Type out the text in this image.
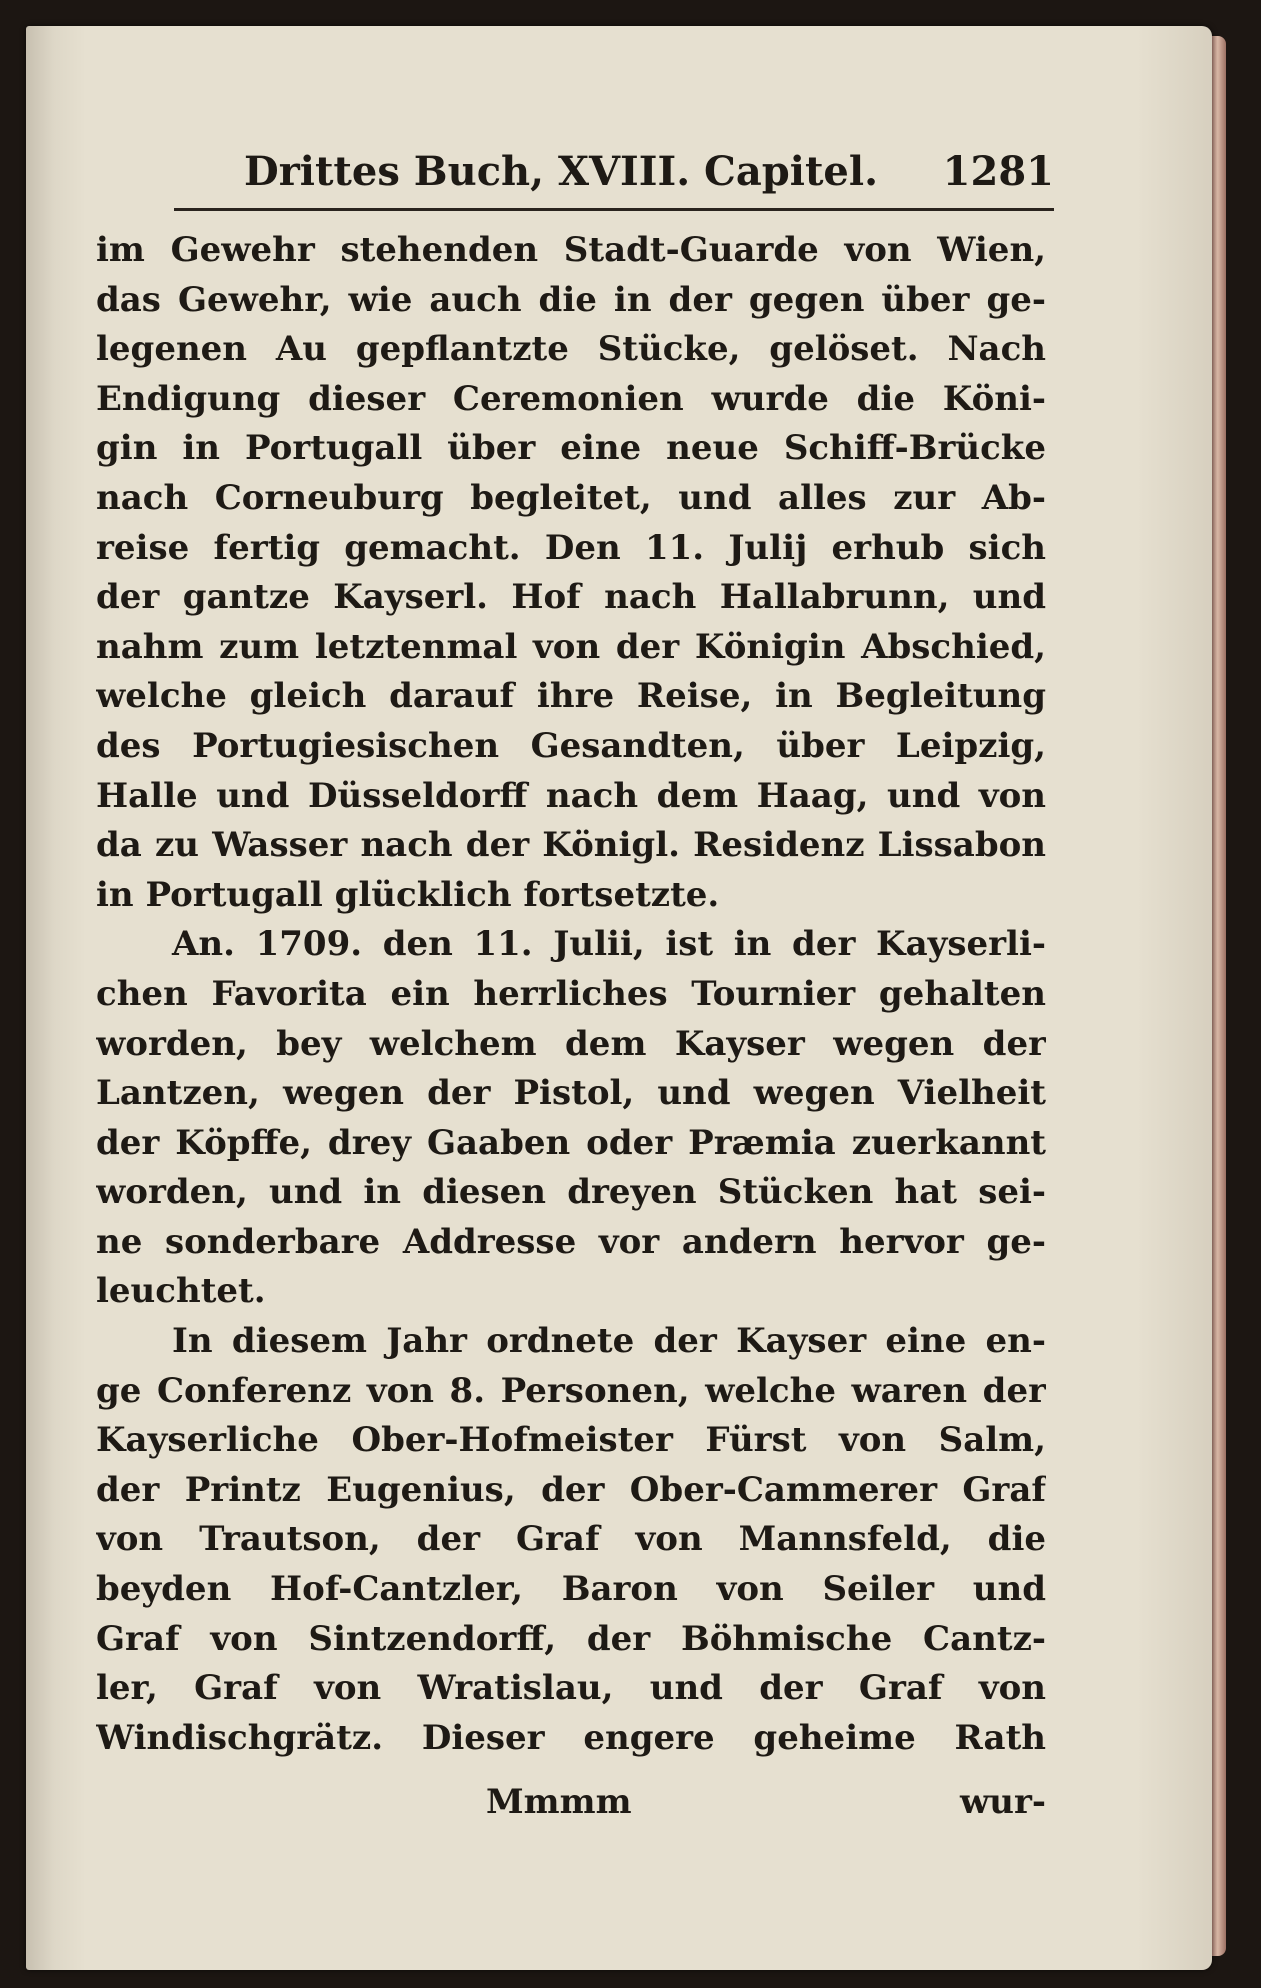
Drittes Buch, XVIII. Capitel. 1281
im Gewehr stehenden Stadt-Guarde von Wien,
das Gewehr, wie auch die in der gegen über ge-
legenen Au gepflantzte Stücke, gelöset. Nach
Endigung dieser Ceremonien wurde die Köni-
gin in Portugall über eine neue Schiff-Brücke
nach Corneuburg begleitet, und alles zur Ab-
reise fertig gemacht. Den 11. Julij erhub sich
der gantze Kayserl. Hof nach Hallabrunn, und
nahm zum letztenmal von der Königin Abschied,
welche gleich darauf ihre Reise, in Begleitung
des Portugiesischen Gesandten, über Leipzig,
Halle und Düsseldorff nach dem Haag, und von
da zu Wasser nach der Königl. Residenz Lissabon
in Portugall glücklich fortsetzte.
An. 1709. den 11. Julii, ist in der Kayserli-
chen Favorita ein herrliches Tournier gehalten
worden, bey welchem dem Kayser wegen der
Lantzen, wegen der Pistol, und wegen Vielheit
der Köpffe, drey Gaaben oder Præmia zuerkannt
worden, und in diesen dreyen Stücken hat sei-
ne sonderbare Addresse vor andern hervor ge-
leuchtet.
In diesem Jahr ordnete der Kayser eine en-
ge Conferenz von 8. Personen, welche waren der
Kayserliche Ober-Hofmeister Fürst von Salm,
der Printz Eugenius, der Ober-Cammerer Graf
von Trautson, der Graf von Mannsfeld, die
beyden Hof-Cantzler, Baron von Seiler und
Graf von Sintzendorff, der Böhmische Cantz-
ler, Graf von Wratislau, und der Graf von
Windischgrätz. Dieser engere geheime Rath
Mmmm	wur-
